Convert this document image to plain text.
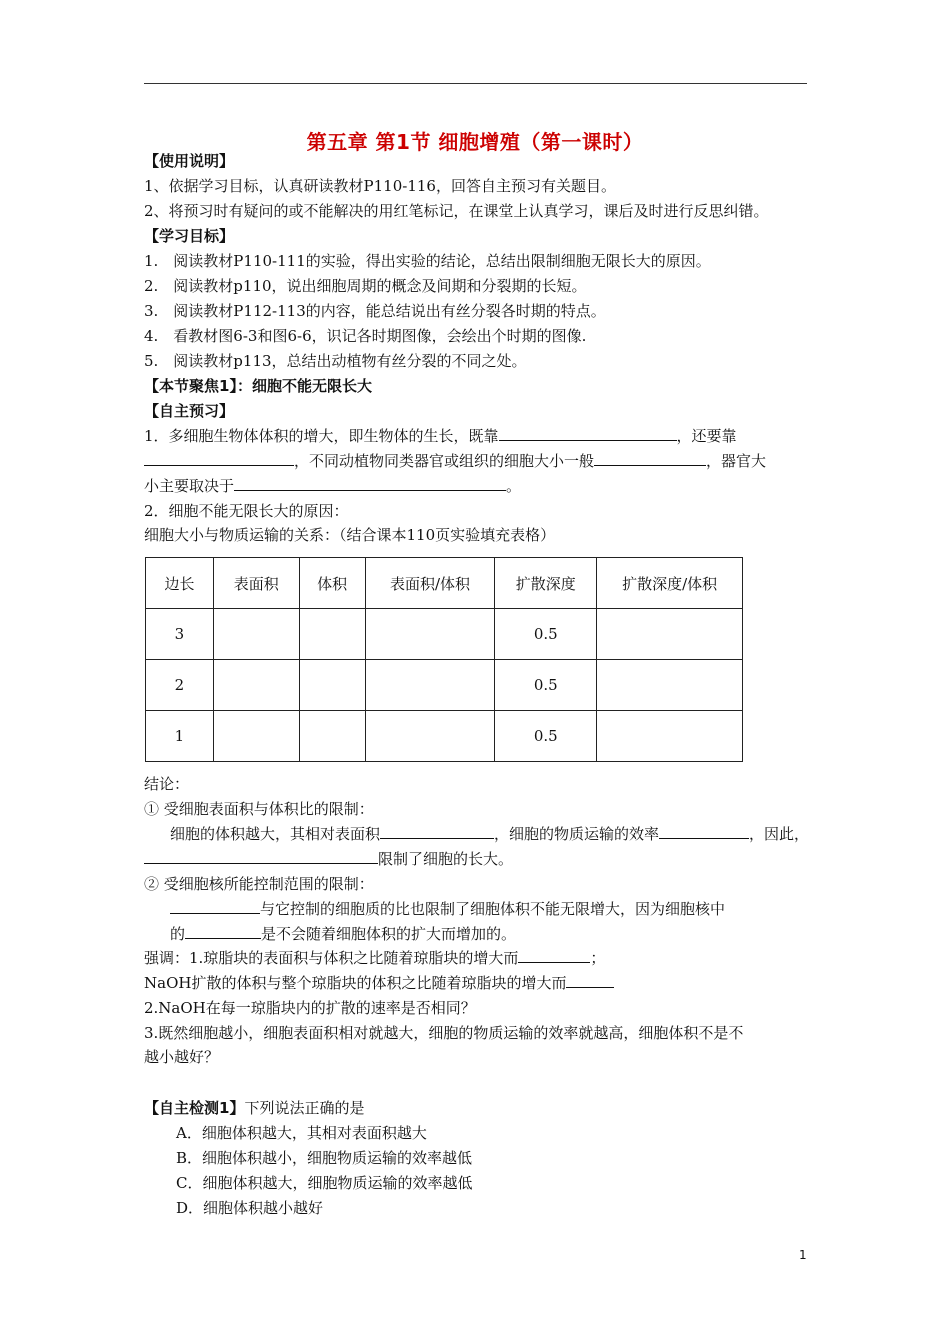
第五章 第1节 细胞增殖（第一课时）
【使用说明】
1、依据学习目标，认真研读教材P110-116，回答自主预习有关题目。
2、将预习时有疑问的或不能解决的用红笔标记，在课堂上认真学习，课后及时进行反思纠错。
【学习目标】
1.　阅读教材P110-111的实验，得出实验的结论，总结出限制细胞无限长大的原因。
2.　阅读教材p110，说出细胞周期的概念及间期和分裂期的长短。
3.　阅读教材P112-113的内容，能总结说出有丝分裂各时期的特点。
4.　看教材图6-3和图6-6，识记各时期图像，会绘出个时期的图像.
5.　阅读教材p113，总结出动植物有丝分裂的不同之处。
【本节聚焦1】：细胞不能无限长大
【自主预习】
1．多细胞生物体体积的增大，即生物体的生长，既靠	，还要靠
，不同动植物同类器官或组织的细胞大小一般	，器官大
小主要取决于	。
2．细胞不能无限长大的原因：
细胞大小与物质运输的关系：（结合课本110页实验填充表格）
边长	表面积	体积	表面积/体积	扩散深度	扩散深度/体积
3				0.5	
2				0.5	
1				0.5	
结论：
① 受细胞表面积与体积比的限制：
细胞的体积越大，其相对表面积	，细胞的物质运输的效率	，因此，
限制了细胞的长大。
② 受细胞核所能控制范围的限制：
与它控制的细胞质的比也限制了细胞体积不能无限增大，因为细胞核中
的	是不会随着细胞体积的扩大而增加的。
强调：1.琼脂块的表面积与体积之比随着琼脂块的增大而	；
NaOH扩散的体积与整个琼脂块的体积之比随着琼脂块的增大而
2.NaOH在每一琼脂块内的扩散的速率是否相同？
3.既然细胞越小，细胞表面积相对就越大，细胞的物质运输的效率就越高，细胞体积不是不
越小越好？
【自主检测1】下列说法正确的是
A．细胞体积越大，其相对表面积越大
B．细胞体积越小，细胞物质运输的效率越低
C．细胞体积越大，细胞物质运输的效率越低
D．细胞体积越小越好
1
